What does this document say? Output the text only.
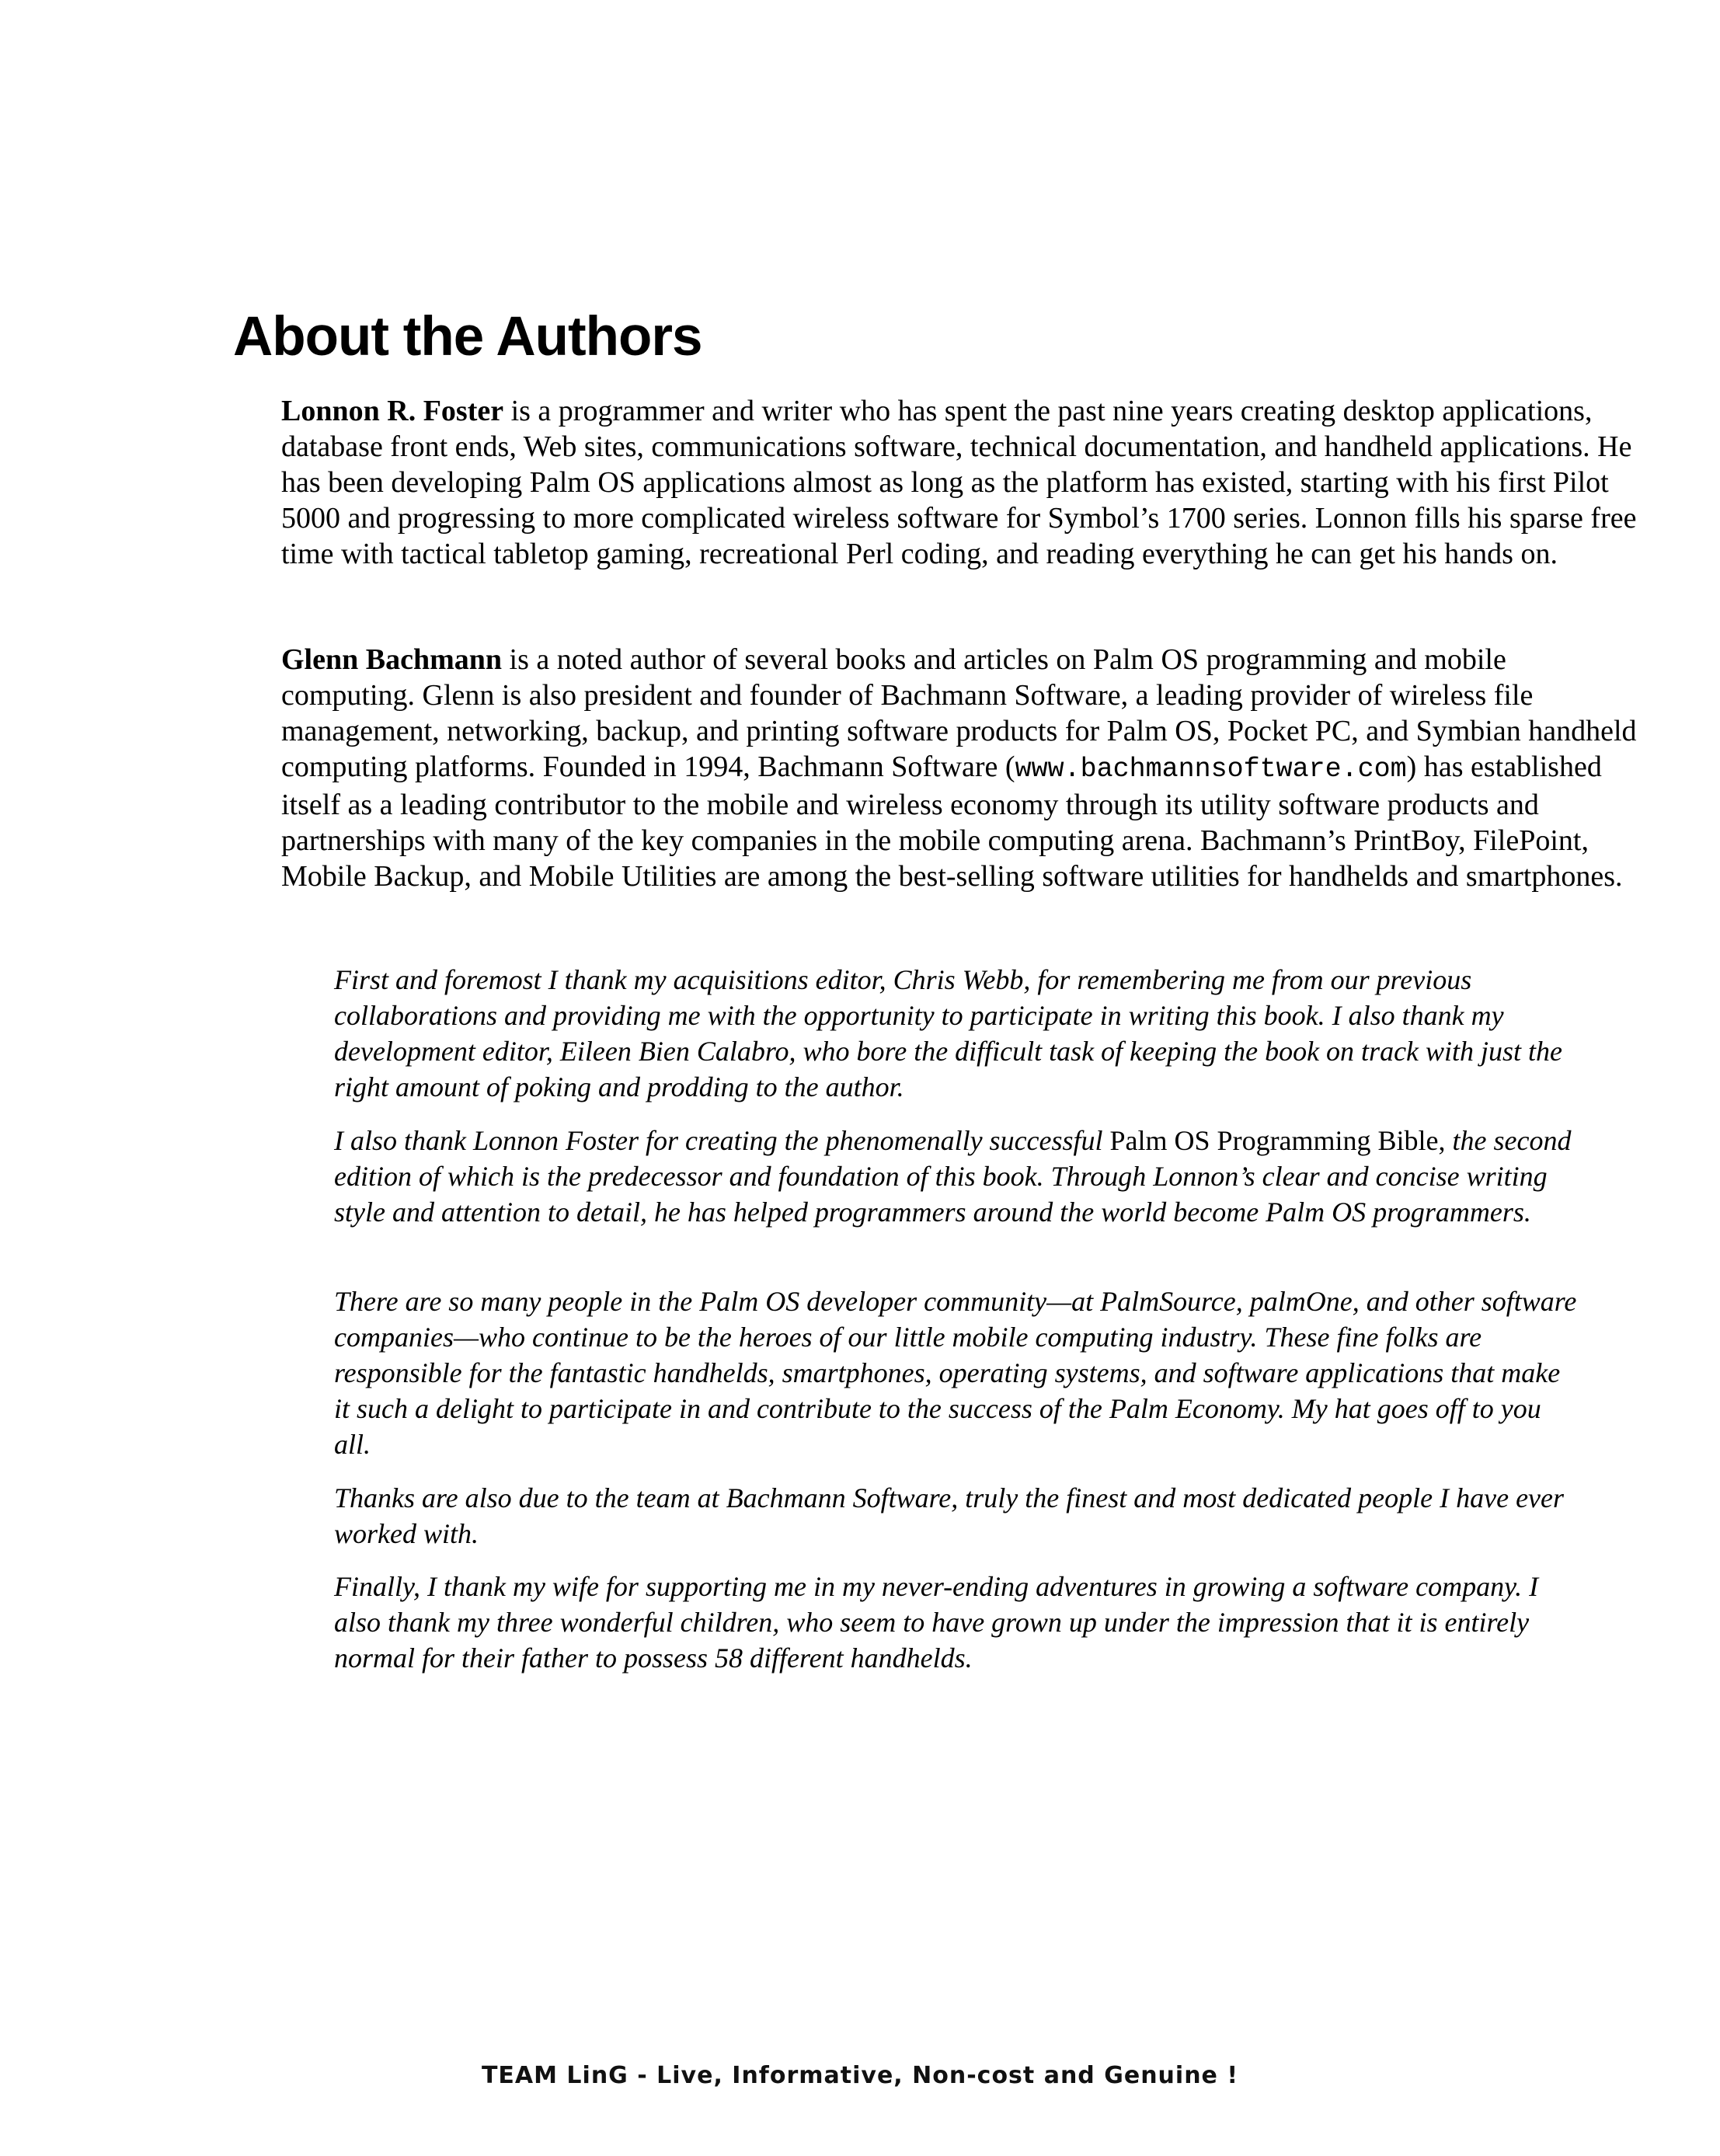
About the Authors

Lonnon R. Foster is a programmer and writer who has spent the past nine years creating desktop applications, database front ends, Web sites, communications software, technical documentation, and handheld applications. He has been developing Palm OS applications almost as long as the platform has existed, starting with his first Pilot 5000 and progressing to more complicated wireless software for Symbol’s 1700 series. Lonnon fills his sparse free time with tactical tabletop gaming, recreational Perl coding, and reading everything he can get his hands on.

Glenn Bachmann is a noted author of several books and articles on Palm OS programming and mobile computing. Glenn is also president and founder of Bachmann Software, a leading provider of wireless file management, networking, backup, and printing software products for Palm OS, Pocket PC, and Symbian handheld computing platforms. Founded in 1994, Bachmann Software (www.bachmannsoftware.com) has established itself as a leading contributor to the mobile and wireless economy through its utility software products and partnerships with many of the key companies in the mobile computing arena. Bachmann’s PrintBoy, FilePoint, Mobile Backup, and Mobile Utilities are among the best-selling software utilities for handhelds and smartphones.

First and foremost I thank my acquisitions editor, Chris Webb, for remembering me from our previous collaborations and providing me with the opportunity to participate in writing this book. I also thank my development editor, Eileen Bien Calabro, who bore the difficult task of keeping the book on track with just the right amount of poking and prodding to the author.

I also thank Lonnon Foster for creating the phenomenally successful Palm OS Programming Bible, the second edition of which is the predecessor and foundation of this book. Through Lonnon’s clear and concise writing style and attention to detail, he has helped programmers around the world become Palm OS programmers.

There are so many people in the Palm OS developer community—at PalmSource, palmOne, and other software companies—who continue to be the heroes of our little mobile computing industry. These fine folks are responsible for the fantastic handhelds, smartphones, operating systems, and software applications that make it such a delight to participate in and contribute to the success of the Palm Economy. My hat goes off to you all.

Thanks are also due to the team at Bachmann Software, truly the finest and most dedicated people I have ever worked with.

Finally, I thank my wife for supporting me in my never-ending adventures in growing a software company. I also thank my three wonderful children, who seem to have grown up under the impression that it is entirely normal for their father to possess 58 different handhelds.

TEAM LinG - Live, Informative, Non-cost and Genuine !
